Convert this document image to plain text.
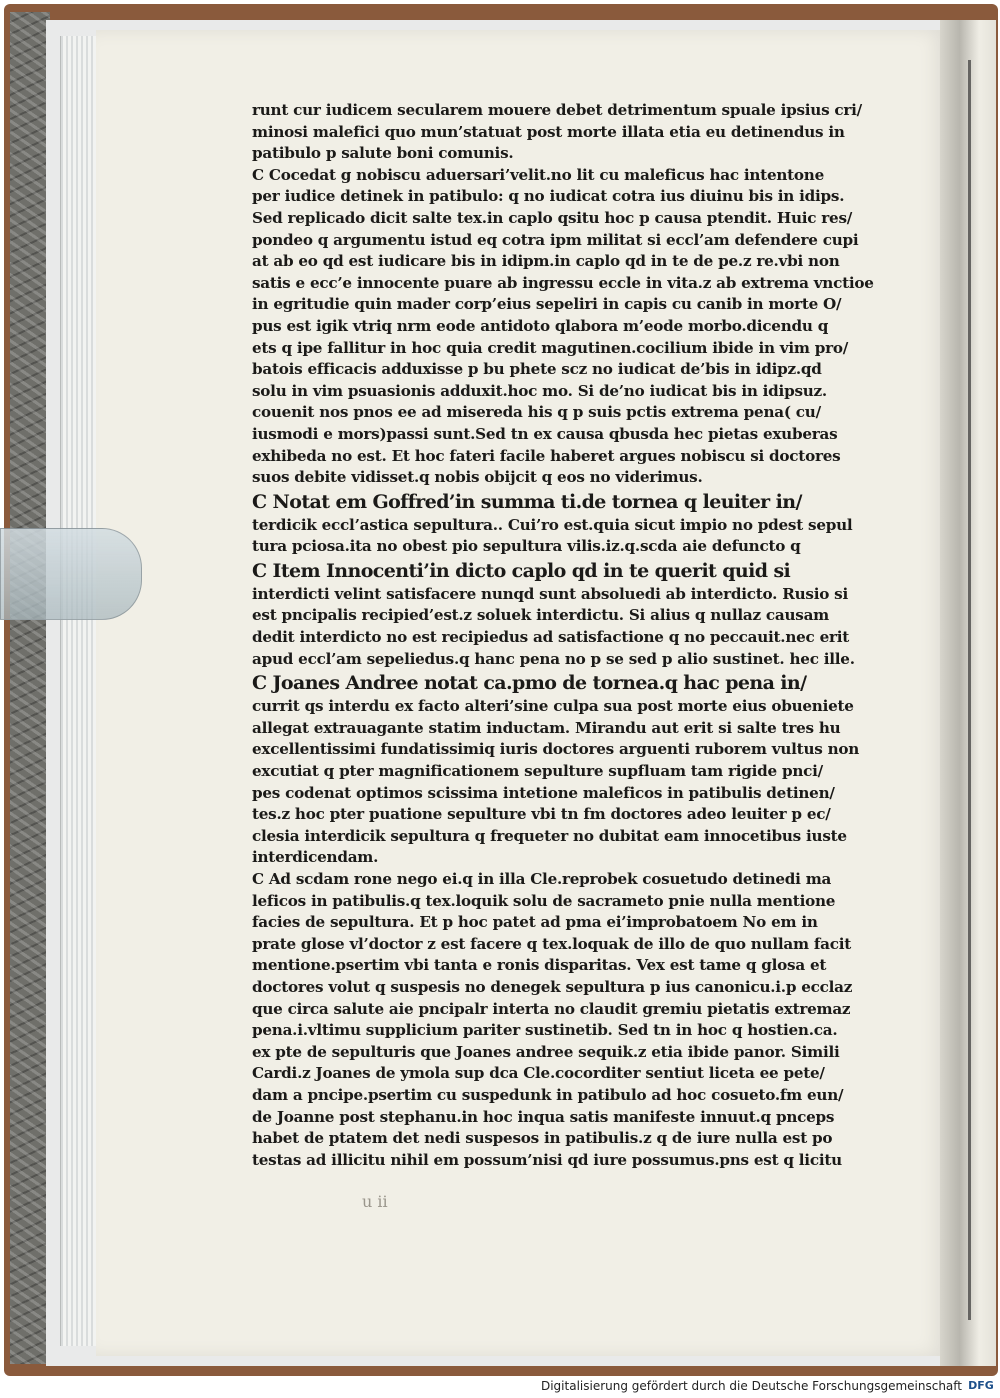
runt cur iudicem secularem mouere debet detrimentum spuale ipsius cri/
minosi malefici quo mun’statuat post morte illata etia eu detinendus in
patibulo p salute boni comunis.
C Cocedat g nobiscu aduersari’velit.no lit cu maleficus hac intentone
per iudice detinek in patibulo: q no iudicat cotra ius diuinu bis in idips.
Sed replicado dicit salte tex.in caplo qsitu hoc p causa ptendit. Huic res/
pondeo q argumentu istud eq cotra ipm militat si eccl’am defendere cupi
at ab eo qd est iudicare bis in idipm.in caplo qd in te de pe.z re.vbi non
satis e ecc’e innocente puare ab ingressu eccle in vita.z ab extrema vnctioe
in egritudie quin mader corp’eius sepeliri in capis cu canib in morte O/
pus est igik vtriq nrm eode antidoto qlabora m’eode morbo.dicendu q
ets q ipe fallitur in hoc quia credit magutinen.cocilium ibide in vim pro/
batois efficacis adduxisse p bu phete scz no iudicat de’bis in idipz.qd
solu in vim psuasionis adduxit.hoc mo. Si de’no iudicat bis in idipsuz.
couenit nos pnos ee ad misereda his q p suis pctis extrema pena( cu/
iusmodi e mors)passi sunt.Sed tn ex causa qbusda hec pietas exuberas
exhibeda no est. Et hoc fateri facile haberet argues nobiscu si doctores
suos debite vidisset.q nobis obijcit q eos no viderimus.
C Notat em Goffred’in summa ti.de tornea q leuiter in/
terdicik eccl’astica sepultura.. Cui’ro est.quia sicut impio no pdest sepul
tura pciosa.ita no obest pio sepultura vilis.iz.q.scda aie defuncto q
C Item Innocenti’in dicto caplo qd in te querit quid si
interdicti velint satisfacere nunqd sunt absoluedi ab interdicto. Rusio si
est pncipalis recipied’est.z soluek interdictu. Si alius q nullaz causam
dedit interdicto no est recipiedus ad satisfactione q no peccauit.nec erit
apud eccl’am sepeliedus.q hanc pena no p se sed p alio sustinet. hec ille.
C Joanes Andree notat ca.pmo de tornea.q hac pena in/
currit qs interdu ex facto alteri’sine culpa sua post morte eius obueniete
allegat extrauagante statim inductam. Mirandu aut erit si salte tres hu
excellentissimi fundatissimiq iuris doctores arguenti ruborem vultus non
excutiat q pter magnificationem sepulture supfluam tam rigide pnci/
pes codenat optimos scissima intetione maleficos in patibulis detinen/
tes.z hoc pter puatione sepulture vbi tn fm doctores adeo leuiter p ec/
clesia interdicik sepultura q frequeter no dubitat eam innocetibus iuste
interdicendam.
C Ad scdam rone nego ei.q in illa Cle.reprobek cosuetudo detinedi ma
leficos in patibulis.q tex.loquik solu de sacrameto pnie nulla mentione
facies de sepultura. Et p hoc patet ad pma ei’improbatoem No em in
prate glose vl’doctor z est facere q tex.loquak de illo de quo nullam facit
mentione.psertim vbi tanta e ronis disparitas. Vex est tame q glosa et
doctores volut q suspesis no denegek sepultura p ius canonicu.i.p ecclaz
que circa salute aie pncipalr interta no claudit gremiu pietatis extremaz
pena.i.vltimu supplicium pariter sustinetib. Sed tn in hoc q hostien.ca.
ex pte de sepulturis que Joanes andree sequik.z etia ibide panor. Simili
Cardi.z Joanes de ymola sup dca Cle.cocorditer sentiut liceta ee pete/
dam a pncipe.psertim cu suspedunk in patibulo ad hoc cosueto.fm eun/
de Joanne post stephanu.in hoc inqua satis manifeste innuut.q pnceps
habet de ptatem det nedi suspesos in patibulis.z q de iure nulla est po
testas ad illicitu nihil em possum’nisi qd iure possumus.pns est q licitu
u ii
Digitalisierung gefördert durch die Deutsche Forschungsgemeinschaft DFG
